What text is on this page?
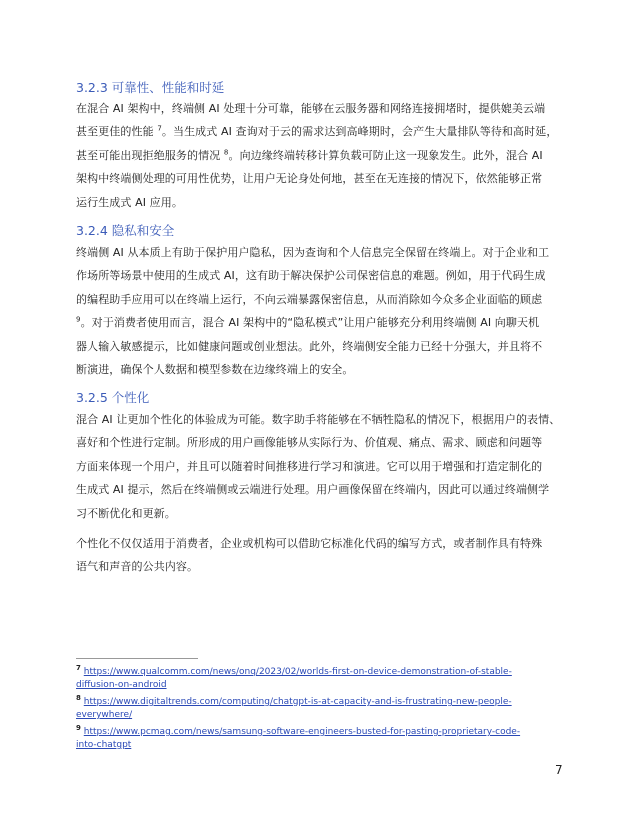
3.2.3 可靠性、性能和时延
在混合 AI 架构中，终端侧 AI 处理十分可靠，能够在云服务器和网络连接拥堵时，提供媲美云端
甚至更佳的性能 $^7$。当生成式 AI 查询对于云的需求达到高峰期时，会产生大量排队等待和高时延，
甚至可能出现拒绝服务的情况 $^8$。向边缘终端转移计算负载可防止这一现象发生。此外，混合 AI
架构中终端侧处理的可用性优势，让用户无论身处何地，甚至在无连接的情况下，依然能够正常
运行生成式 AI 应用。
3.2.4 隐私和安全
终端侧 AI 从本质上有助于保护用户隐私，因为查询和个人信息完全保留在终端上。对于企业和工
作场所等场景中使用的生成式 AI，这有助于解决保护公司保密信息的难题。例如，用于代码生成
的编程助手应用可以在终端上运行，不向云端暴露保密信息，从而消除如今众多企业面临的顾虑
$^9$。对于消费者使用而言，混合 AI 架构中的“隐私模式”让用户能够充分利用终端侧 AI 向聊天机
器人输入敏感提示，比如健康问题或创业想法。此外，终端侧安全能力已经十分强大，并且将不
断演进，确保个人数据和模型参数在边缘终端上的安全。
3.2.5 个性化
混合 AI 让更加个性化的体验成为可能。数字助手将能够在不牺牲隐私的情况下，根据用户的表情、
喜好和个性进行定制。所形成的用户画像能够从实际行为、价值观、痛点、需求、顾虑和问题等
方面来体现一个用户，并且可以随着时间推移进行学习和演进。它可以用于增强和打造定制化的
生成式 AI 提示，然后在终端侧或云端进行处理。用户画像保留在终端内，因此可以通过终端侧学
习不断优化和更新。
个性化不仅仅适用于消费者，企业或机构可以借助它标准化代码的编写方式，或者制作具有特殊
语气和声音的公共内容。
$^7$ https://www.qualcomm.com/news/onq/2023/02/worlds-first-on-device-demonstration-of-stable-
diffusion-on-android
$^8$ https://www.digitaltrends.com/computing/chatgpt-is-at-capacity-and-is-frustrating-new-people-
everywhere/
$^9$ https://www.pcmag.com/news/samsung-software-engineers-busted-for-pasting-proprietary-code-
into-chatgpt
7
